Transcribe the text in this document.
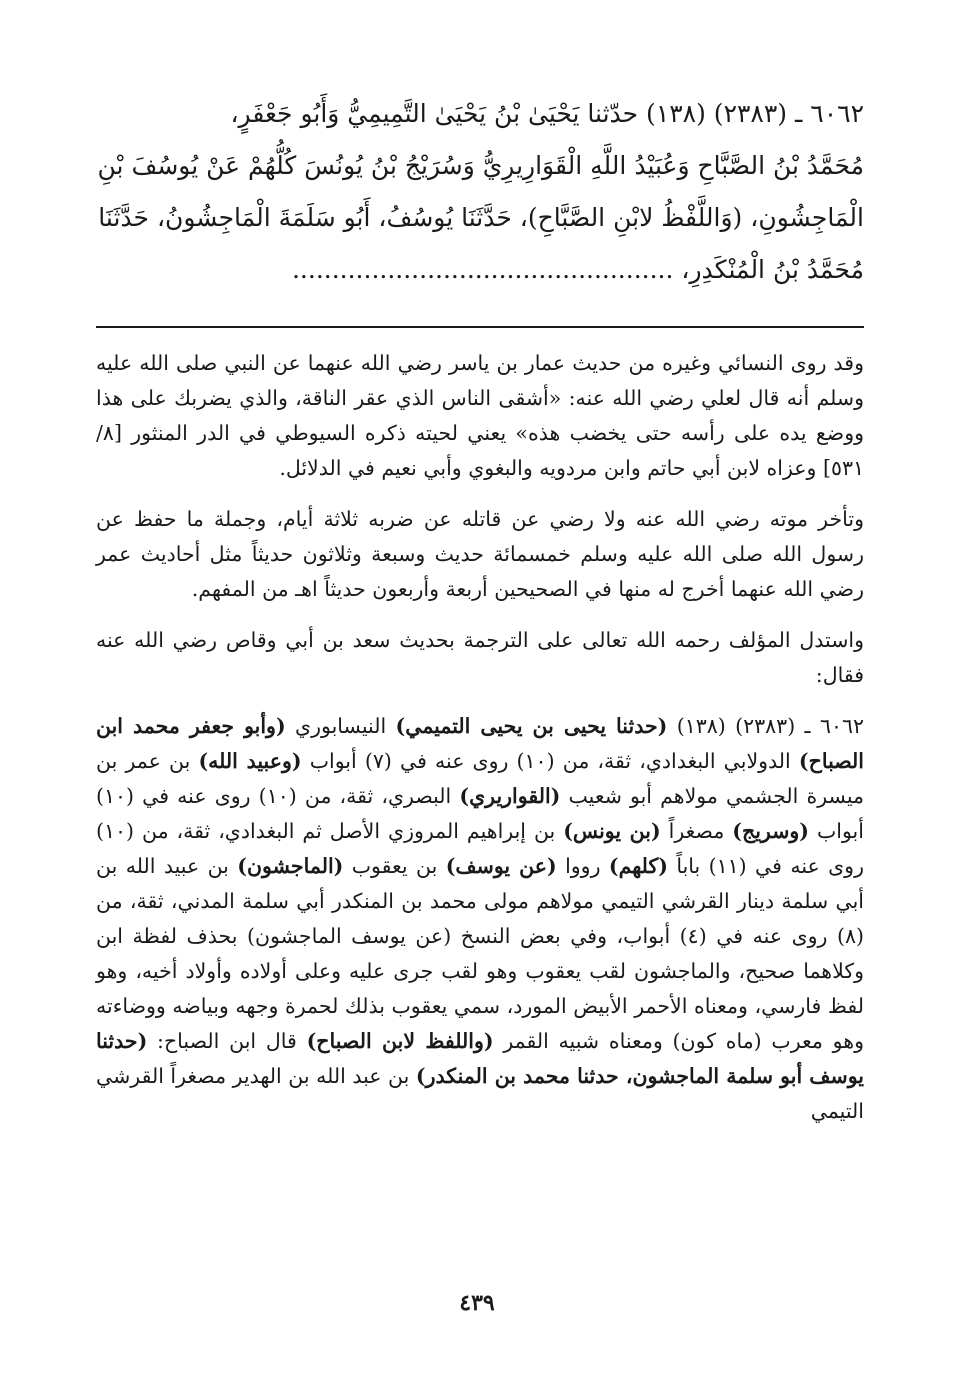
٦٠٦٢ ـ (٢٣٨٣) (١٣٨) حدّثنا يَحْيَىٰ بْنُ يَحْيَىٰ التَّمِيمِيُّ وَأَبُو جَعْفَرٍ،
مُحَمَّدُ بْنُ الصَّبَّاحِ وَعُبَيْدُ اللَّهِ الْقَوَارِيرِيُّ وَسُرَيْجُ بْنُ يُونُسَ كُلُّهُمْ عَنْ يُوسُفَ بْنِ
الْمَاجِشُونِ، (وَاللَّفْظُ لابْنِ الصَّبَّاحِ)، حَدَّثَنَا يُوسُفُ، أَبُو سَلَمَةَ الْمَاجِشُونُ، حَدَّثَنَا
مُحَمَّدُ بْنُ الْمُنْكَدِرِ، ................................................

وقد روى النسائي وغيره من حديث عمار بن ياسر رضي الله عنهما عن النبي صلى الله عليه وسلم أنه قال لعلي رضي الله عنه: «أشقى الناس الذي عقر الناقة، والذي يضربك على هذا ووضع يده على رأسه حتى يخضب هذه» يعني لحيته ذكره السيوطي في الدر المنثور [٨/ ٥٣١] وعزاه لابن أبي حاتم وابن مردويه والبغوي وأبي نعيم في الدلائل.

وتأخر موته رضي الله عنه ولا رضي عن قاتله عن ضربه ثلاثة أيام، وجملة ما حفظ عن رسول الله صلى الله عليه وسلم خمسمائة حديث وسبعة وثلاثون حديثاً مثل أحاديث عمر رضي الله عنهما أخرج له منها في الصحيحين أربعة وأربعون حديثاً اهـ من المفهم.

واستدل المؤلف رحمه الله تعالى على الترجمة بحديث سعد بن أبي وقاص رضي الله عنه فقال:

٦٠٦٢ ـ (٢٣٨٣) (١٣٨) (حدثنا يحيى بن يحيى التميمي) النيسابوري (وأبو جعفر محمد ابن الصباح) الدولابي البغدادي، ثقة، من (١٠) روى عنه في (٧) أبواب (وعبيد الله) بن عمر بن ميسرة الجشمي مولاهم أبو شعيب (القواريري) البصري، ثقة، من (١٠) روى عنه في (١٠) أبواب (وسريج) مصغراً (بن يونس) بن إبراهيم المروزي الأصل ثم البغدادي، ثقة، من (١٠) روى عنه في (١١) باباً (كلهم) رووا (عن يوسف) بن يعقوب (الماجشون) بن عبيد الله بن أبي سلمة دينار القرشي التيمي مولاهم مولى محمد بن المنكدر أبي سلمة المدني، ثقة، من (٨) روى عنه في (٤) أبواب، وفي بعض النسخ (عن يوسف الماجشون) بحذف لفظة ابن وكلاهما صحيح، والماجشون لقب يعقوب وهو لقب جرى عليه وعلى أولاده وأولاد أخيه، وهو لفظ فارسي، ومعناه الأحمر الأبيض المورد، سمي يعقوب بذلك لحمرة وجهه وبياضه ووضاءته وهو معرب (ماه كون) ومعناه شبيه القمر (واللفظ لابن الصباح) قال ابن الصباح: (حدثنا يوسف أبو سلمة الماجشون، حدثنا محمد بن المنكدر) بن عبد الله بن الهدير مصغراً القرشي التيمي

٤٣٩
